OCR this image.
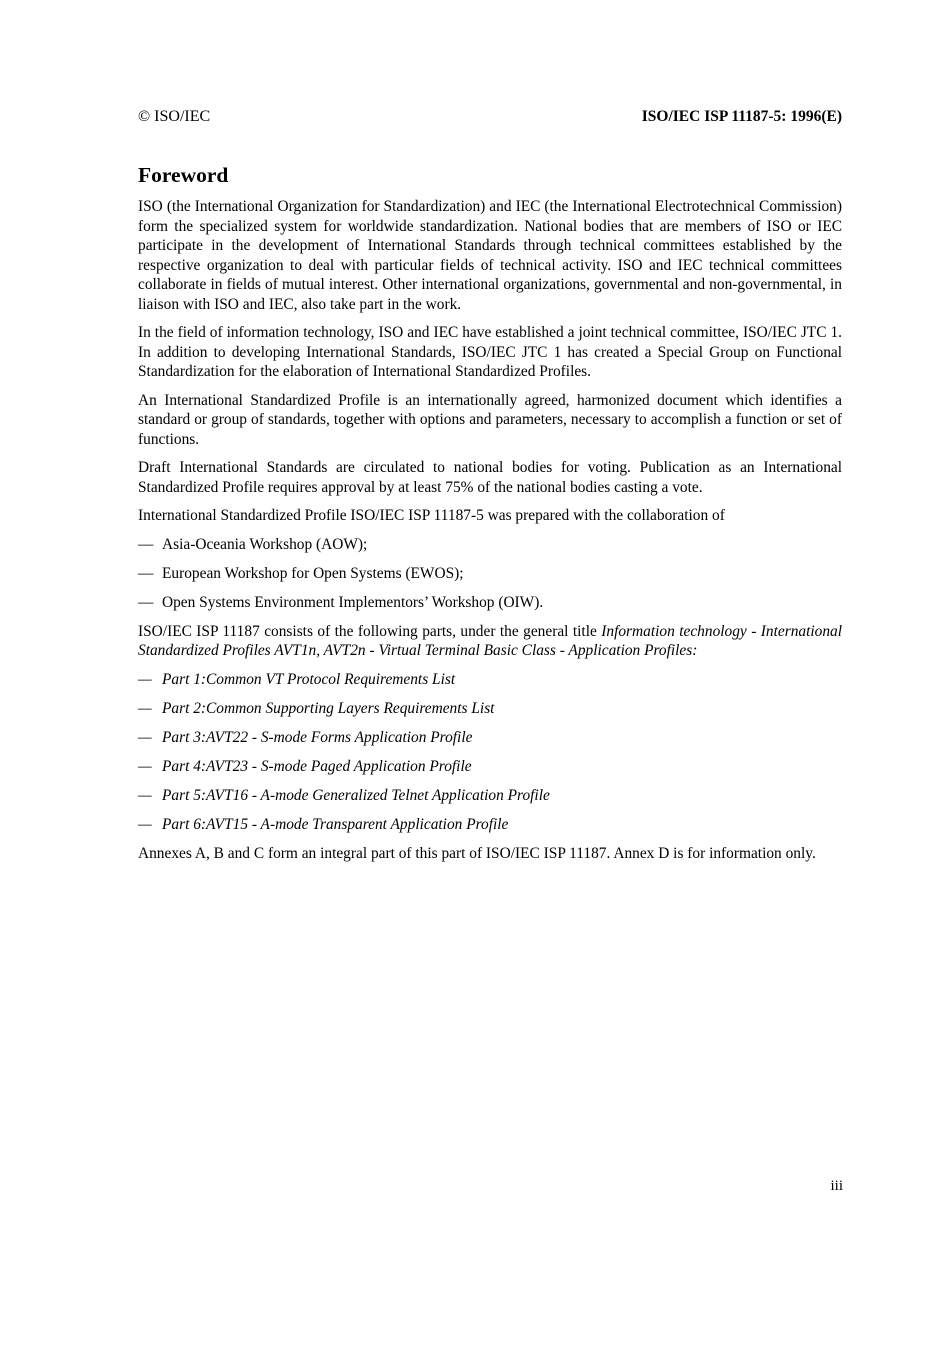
© ISO/IEC	ISO/IEC ISP 11187-5: 1996(E)
Foreword

ISO (the International Organization for Standardization) and IEC (the International Electrotechnical Commission) form the specialized system for worldwide standardization. National bodies that are members of ISO or IEC participate in the development of International Standards through technical committees established by the respective organization to deal with particular fields of technical activity. ISO and IEC technical committees collaborate in fields of mutual interest. Other international organizations, governmental and non-governmental, in liaison with ISO and IEC, also take part in the work.

In the field of information technology, ISO and IEC have established a joint technical committee, ISO/IEC JTC 1. In addition to developing International Standards, ISO/IEC JTC 1 has created a Special Group on Functional Standardization for the elaboration of International Standardized Profiles.

An International Standardized Profile is an internationally agreed, harmonized document which identifies a standard or group of standards, together with options and parameters, necessary to accomplish a function or set of functions.

Draft International Standards are circulated to national bodies for voting. Publication as an International Standardized Profile requires approval by at least 75% of the national bodies casting a vote.

International Standardized Profile ISO/IEC ISP 11187-5 was prepared with the collaboration of

— Asia-Oceania Workshop (AOW);
— European Workshop for Open Systems (EWOS);
— Open Systems Environment Implementors’ Workshop (OIW).

ISO/IEC ISP 11187 consists of the following parts, under the general title Information technology - International Standardized Profiles AVT1n, AVT2n - Virtual Terminal Basic Class - Application Profiles:

— Part 1:Common VT Protocol Requirements List
— Part 2:Common Supporting Layers Requirements List
— Part 3:AVT22 - S-mode Forms Application Profile
— Part 4:AVT23 - S-mode Paged Application Profile
— Part 5:AVT16 - A-mode Generalized Telnet Application Profile
— Part 6:AVT15 - A-mode Transparent Application Profile

Annexes A, B and C form an integral part of this part of ISO/IEC ISP 11187. Annex D is for information only.

iii
